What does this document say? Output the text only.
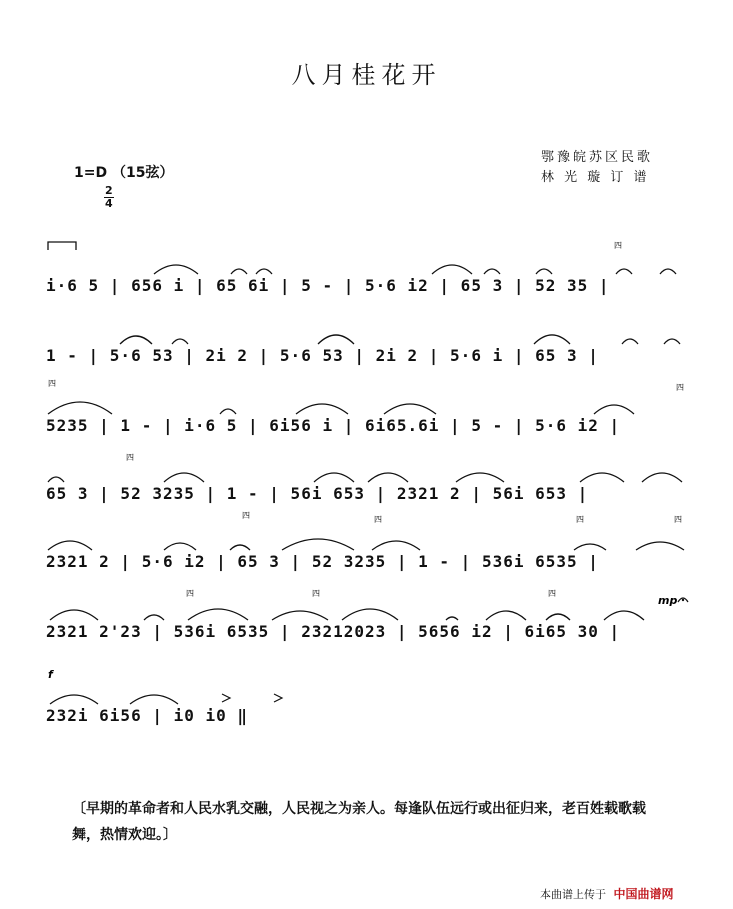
八月桂花开
1=D （15弦）
2
4
鄂豫皖苏区民歌
林 光 璇 订 谱
四
i·6 5 | 656 i | 65 6i | 5 - | 5·6 i2 | 65 3 | 52 35 |
1 - | 5·6 53 | 2i 2 | 5·6 53 | 2i 2 | 5·6 i | 65 3 |
四	四
5235 | 1 - | i·6 5 | 6i56 i | 6i65.6i | 5 - | 5·6 i2 |
四
65 3 | 52 3235 | 1 - | 56i 653 | 2321 2 | 56i 653 |
四	四	四	四
2321 2 | 5·6 i2 | 65 3 | 52 3235 | 1 - | 536i 6535 |
四	四	四
mp
2321 2'23 | 536i 6535 | 23212023 | 5656 i2 | 6i65 30 |
f
232i 6i56 | i0 i0 ‖
〔早期的革命者和人民水乳交融，人民视之为亲人。每逢队伍远行或出征归来，老百姓载歌载舞，热情欢迎。〕
本曲谱上传于 中国曲谱网
